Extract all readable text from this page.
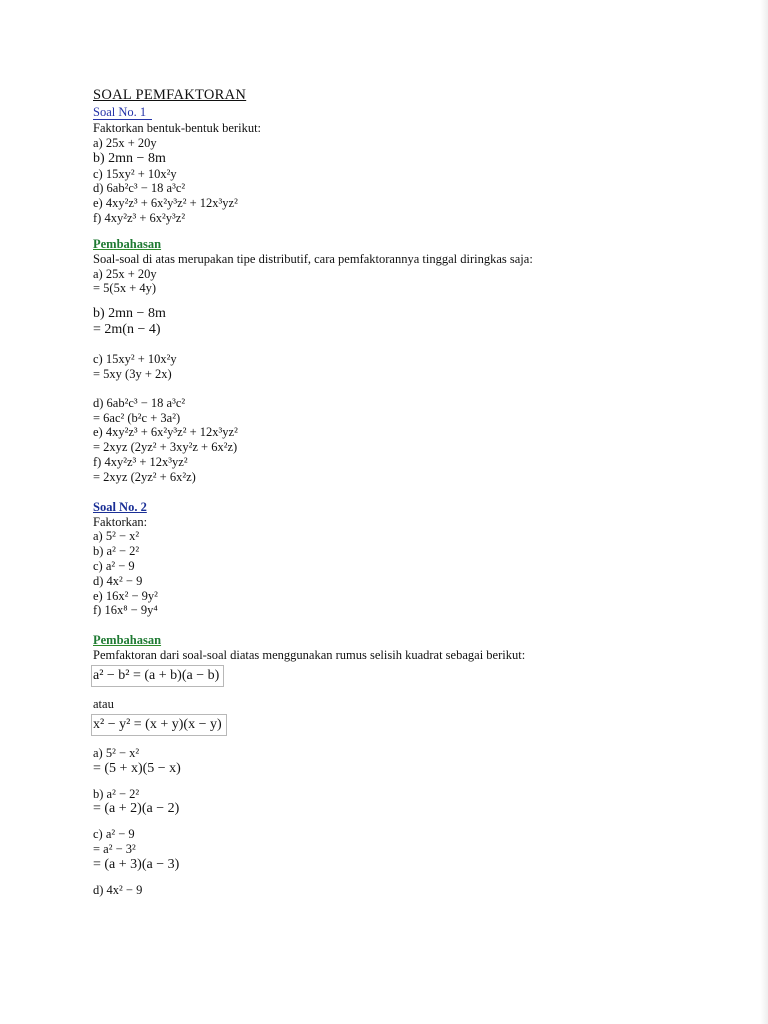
SOAL PEMFAKTORAN
Soal No. 1
Faktorkan bentuk-bentuk berikut:
a) 25x + 20y
b) 2mn − 8m
c) 15xy² + 10x²y
d) 6ab²c³ − 18 a³c²
e) 4xy²z³ + 6x²y³z² + 12x³yz²
f) 4xy²z³ + 6x²y³z²
Pembahasan
Soal-soal di atas merupakan tipe distributif, cara pemfaktorannya tinggal diringkas saja:
a) 25x + 20y
= 5(5x + 4y)
b) 2mn − 8m
= 2m(n − 4)
c) 15xy² + 10x²y
= 5xy (3y + 2x)
d) 6ab²c³ − 18 a³c²
= 6ac² (b²c + 3a²)
e) 4xy²z³ + 6x²y³z² + 12x³yz²
= 2xyz (2yz² + 3xy²z + 6x²z)
f) 4xy²z³ + 12x³yz²
= 2xyz (2yz² + 6x²z)
Soal No. 2
Faktorkan:
a) 5² − x²
b) a² − 2²
c) a² − 9
d) 4x² − 9
e) 16x² − 9y²
f) 16x⁸ − 9y⁴
Pembahasan
Pemfaktoran dari soal-soal diatas menggunakan rumus selisih kuadrat sebagai berikut:
a² − b² = (a + b)(a − b)
atau
x² − y² = (x + y)(x − y)
a) 5² − x²
= (5 + x)(5 − x)
b) a² − 2²
= (a + 2)(a − 2)
c) a² − 9
= a² − 3²
= (a + 3)(a − 3)
d) 4x² − 9
